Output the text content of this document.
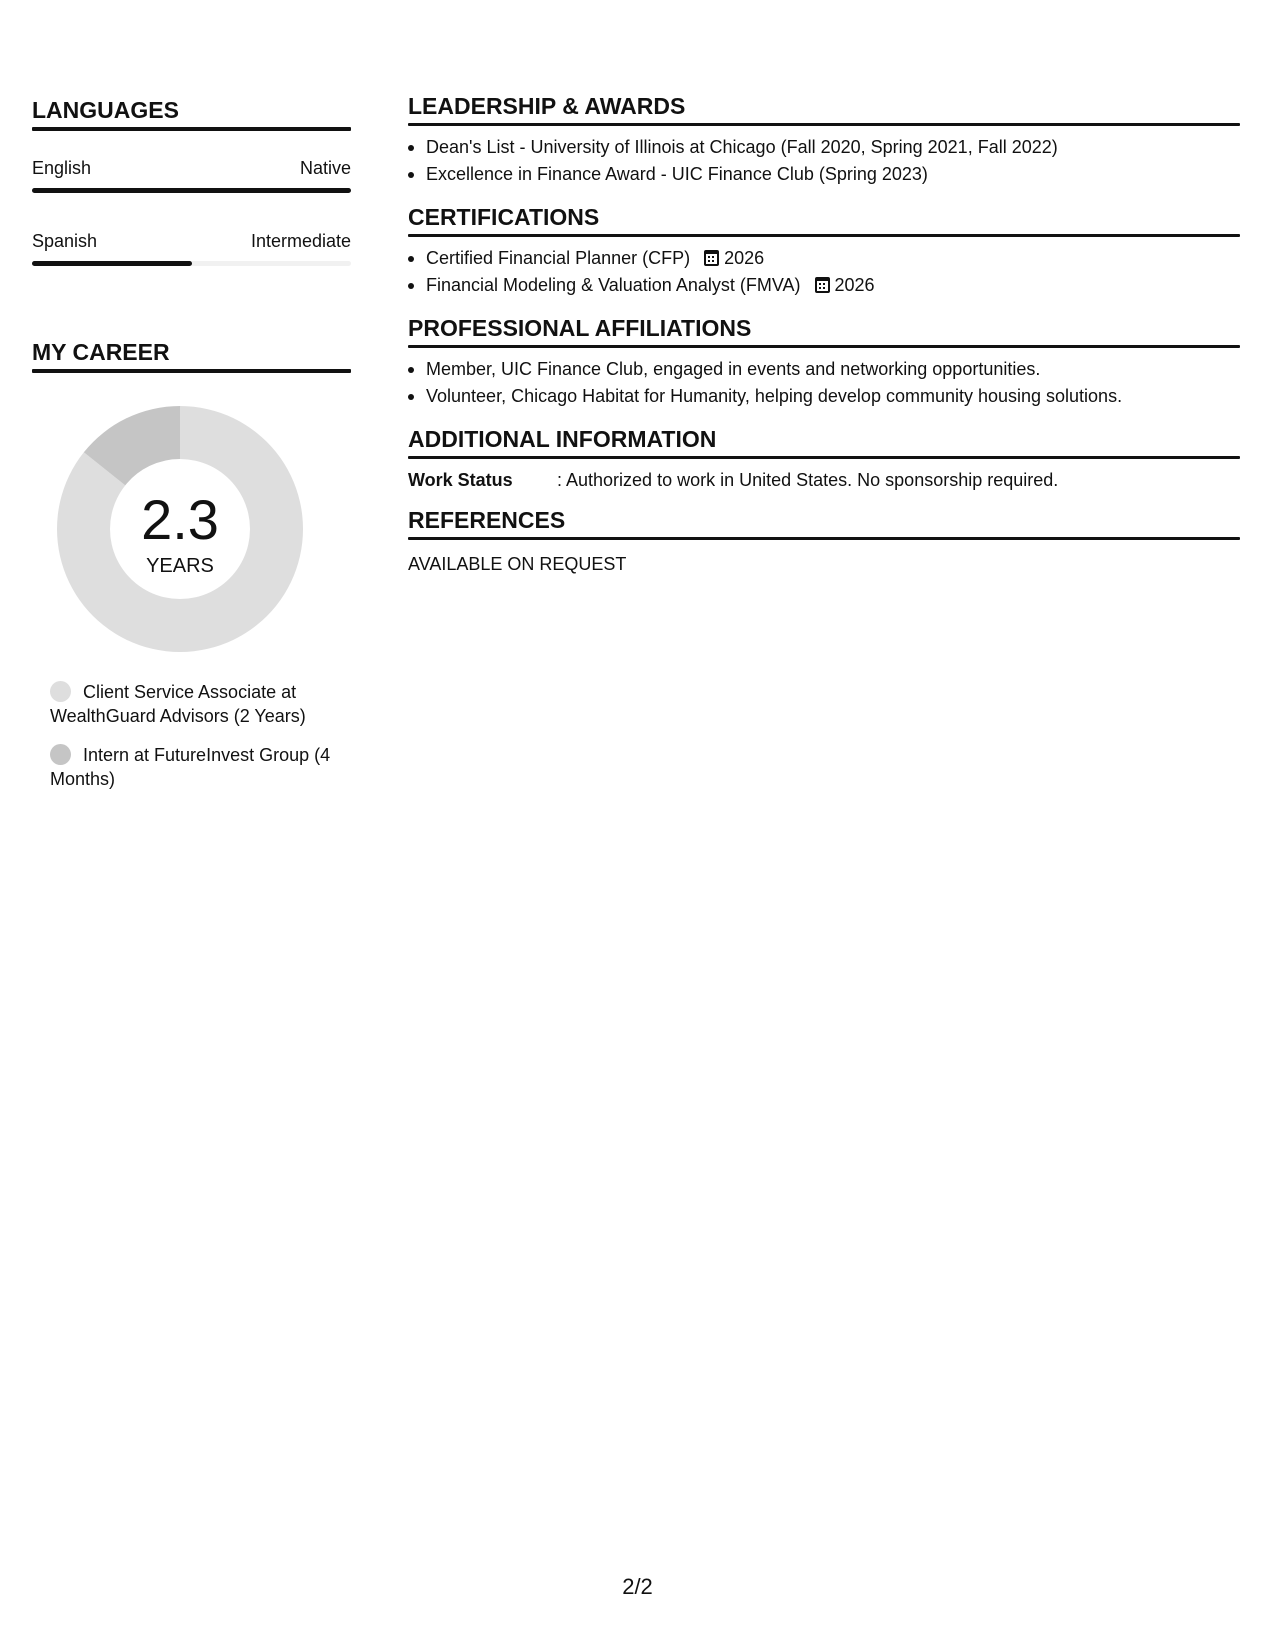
LANGUAGES
English	Native
Spanish	Intermediate
MY CAREER
2.3
YEARS
Client Service Associate at WealthGuard Advisors (2 Years)
Intern at FutureInvest Group (4 Months)
LEADERSHIP & AWARDS
Dean's List - University of Illinois at Chicago (Fall 2020, Spring 2021, Fall 2022)
Excellence in Finance Award - UIC Finance Club (Spring 2023)
CERTIFICATIONS
Certified Financial Planner (CFP) 2026
Financial Modeling & Valuation Analyst (FMVA) 2026
PROFESSIONAL AFFILIATIONS
Member, UIC Finance Club, engaged in events and networking opportunities.
Volunteer, Chicago Habitat for Humanity, helping develop community housing solutions.
ADDITIONAL INFORMATION
Work Status : Authorized to work in United States. No sponsorship required.
REFERENCES
AVAILABLE ON REQUEST
2/2
